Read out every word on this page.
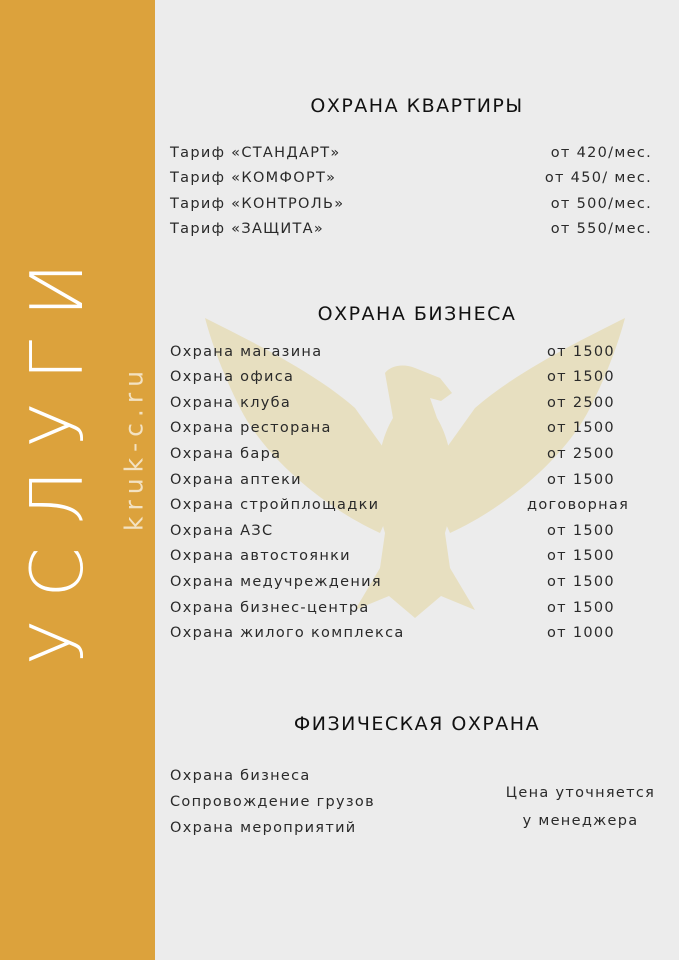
УСЛУГИ kruk-c.ru
ОХРАНА КВАРТИРЫ
Тариф «СТАНДАРТ»	от 420/мес.
Тариф «КОМФОРТ»	от 450/ мес.
Тариф «КОНТРОЛЬ»	от 500/мес.
Тариф «ЗАЩИТА»	от 550/мес.
ОХРАНА БИЗНЕСА
Охрана магазина	от 1500
Охрана офиса	от 1500
Охрана клуба	от 2500
Охрана ресторана	от 1500
Охрана бара	от 2500
Охрана аптеки	от 1500
Охрана стройплощадки	договорная
Охрана АЗС	от 1500
Охрана автостоянки	от 1500
Охрана медучреждения	от 1500
Охрана бизнес-центра	от 1500
Охрана жилого комплекса	от 1000
ФИЗИЧЕСКАЯ ОХРАНА
Охрана бизнеса
Сопровождение грузов
Охрана мероприятий
Цена уточняется
у менеджера
